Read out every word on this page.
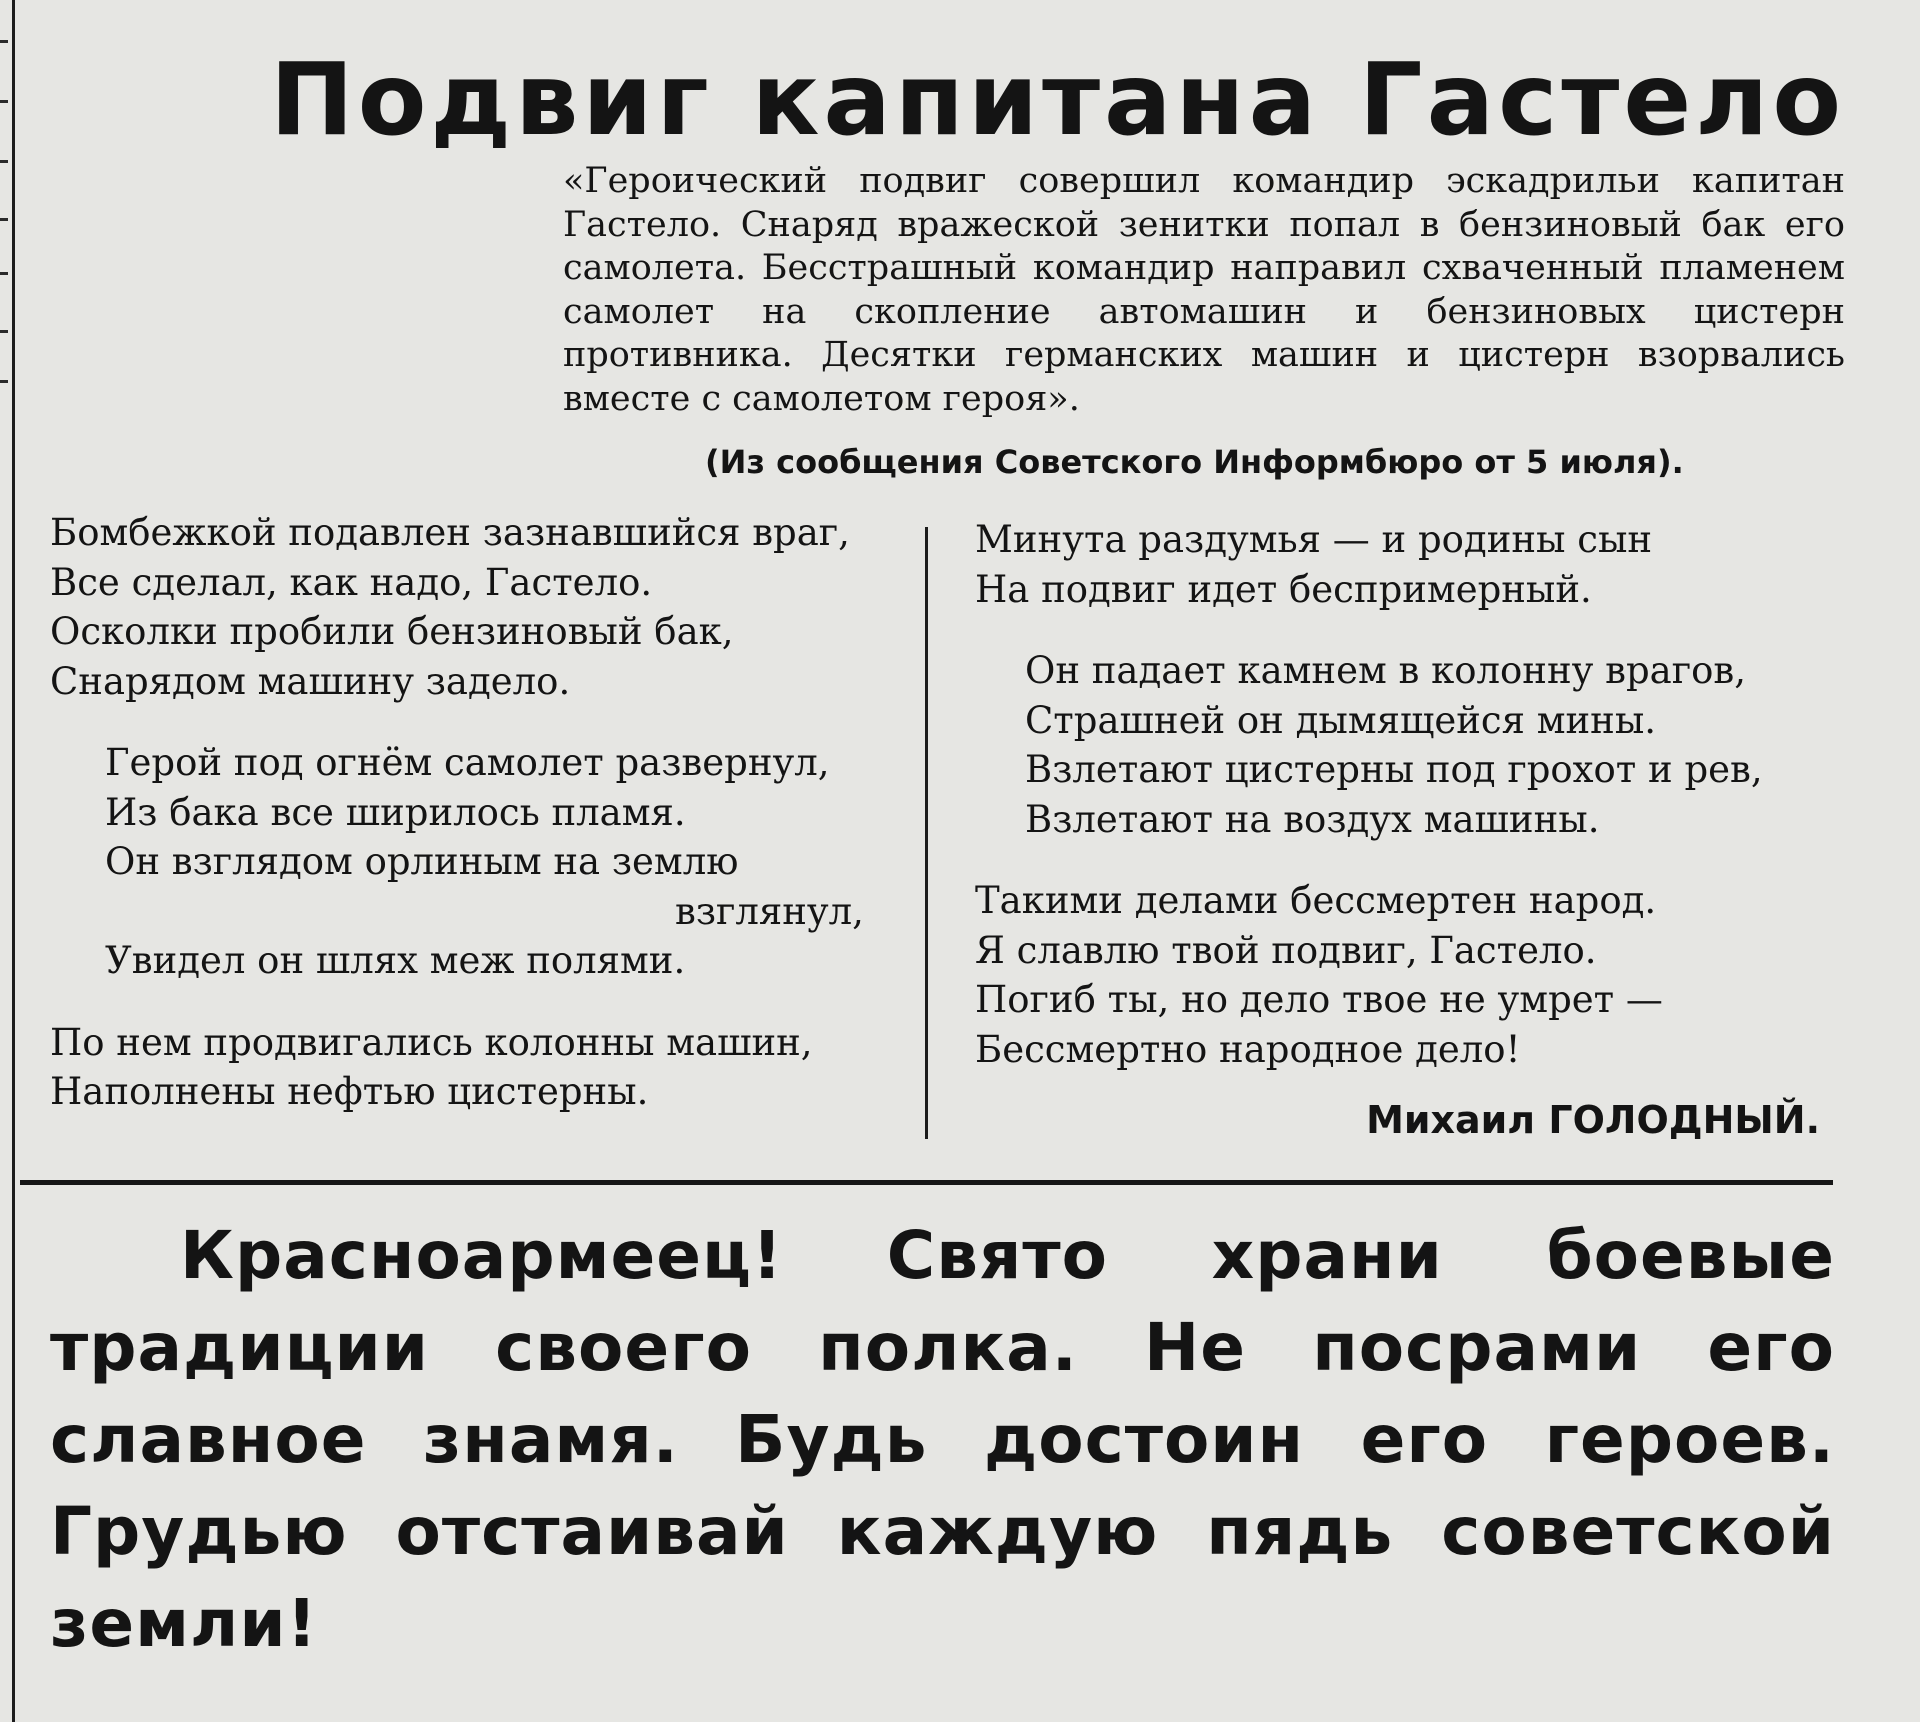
Подвиг капитана Гастело
«Героический подвиг совершил командир эскадрильи капитан Гастело. Снаряд вражеской зенитки попал в бензиновый бак его самолета. Бесстрашный командир направил схваченный пламенем самолет на скопление автомашин и бензиновых цистерн противника. Десятки германских машин и цистерн взорвались вместе с самолетом героя».
(Из сообщения Советского Информбюро от 5 июля).
Бомбежкой подавлен зазнавшийся враг,
Все сделал, как надо, Гастело.
Осколки пробили бензиновый бак,
Снарядом машину задело.
Герой под огнём самолет развернул,
Из бака все ширилось пламя.
Он взглядом орлиным на землю
взглянул,
Увидел он шлях меж полями.
По нем продвигались колонны машин,
Наполнены нефтью цистерны.
Минута раздумья — и родины сын
На подвиг идет беспримерный.
Он падает камнем в колонну врагов,
Страшней он дымящейся мины.
Взлетают цистерны под грохот и рев,
Взлетают на воздух машины.
Такими делами бессмертен народ.
Я славлю твой подвиг, Гастело.
Погиб ты, но дело твое не умрет —
Бессмертно народное дело!
Михаил ГОЛОДНЫЙ.
Красноармеец! Свято храни боевые традиции своего полка. Не посрами его славное знамя. Будь достоин его героев. Грудью отстаивай каждую пядь советской земли!
